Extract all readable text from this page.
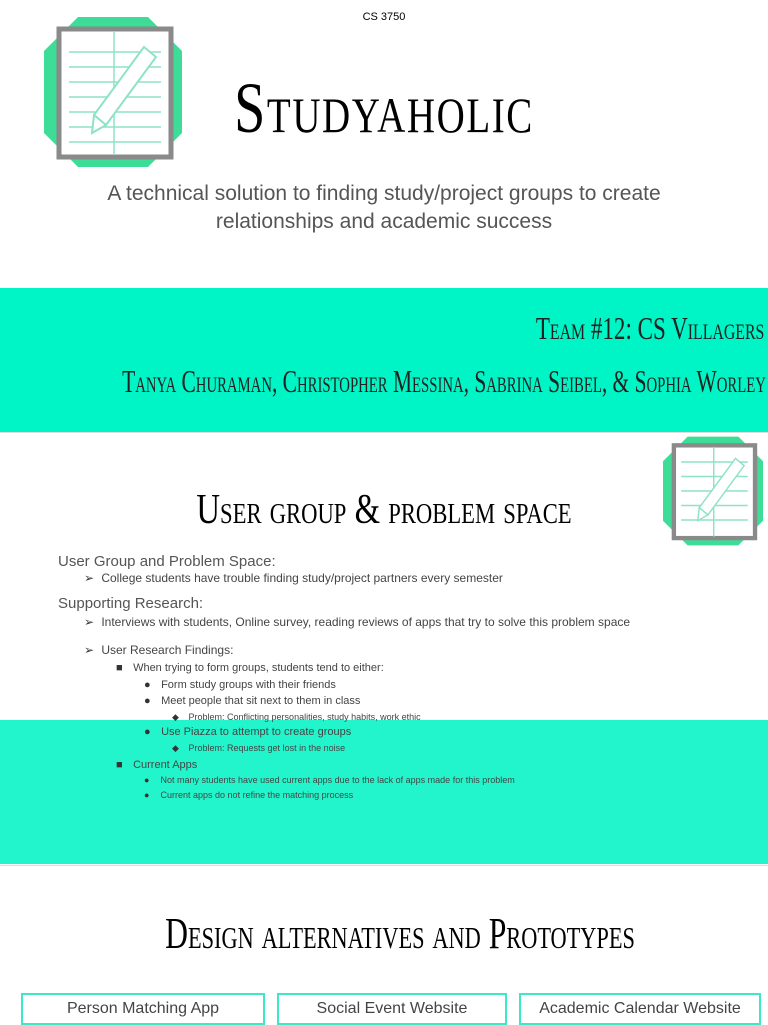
CS 3750
Studyaholic
A technical solution to finding study/project groups to create
relationships and academic success
Team #12: CS Villagers
Tanya Churaman, Christopher Messina, Sabrina Seibel, & Sophia Worley
User group & problem space
User Group and Problem Space:
➢ College students have trouble finding study/project partners every semester
Supporting Research:
➢ Interviews with students, Online survey, reading reviews of apps that try to solve this problem space
➢ User Research Findings:
■ When trying to form groups, students tend to either:
● Form study groups with their friends
● Meet people that sit next to them in class
◆ Problem: Conflicting personalities, study habits, work ethic
● Use Piazza to attempt to create groups
◆ Problem: Requests get lost in the noise
■ Current Apps
● Not many students have used current apps due to the lack of apps made for this problem
● Current apps do not refine the matching process
Design alternatives and Prototypes
Person Matching App	Social Event Website	Academic Calendar Website
